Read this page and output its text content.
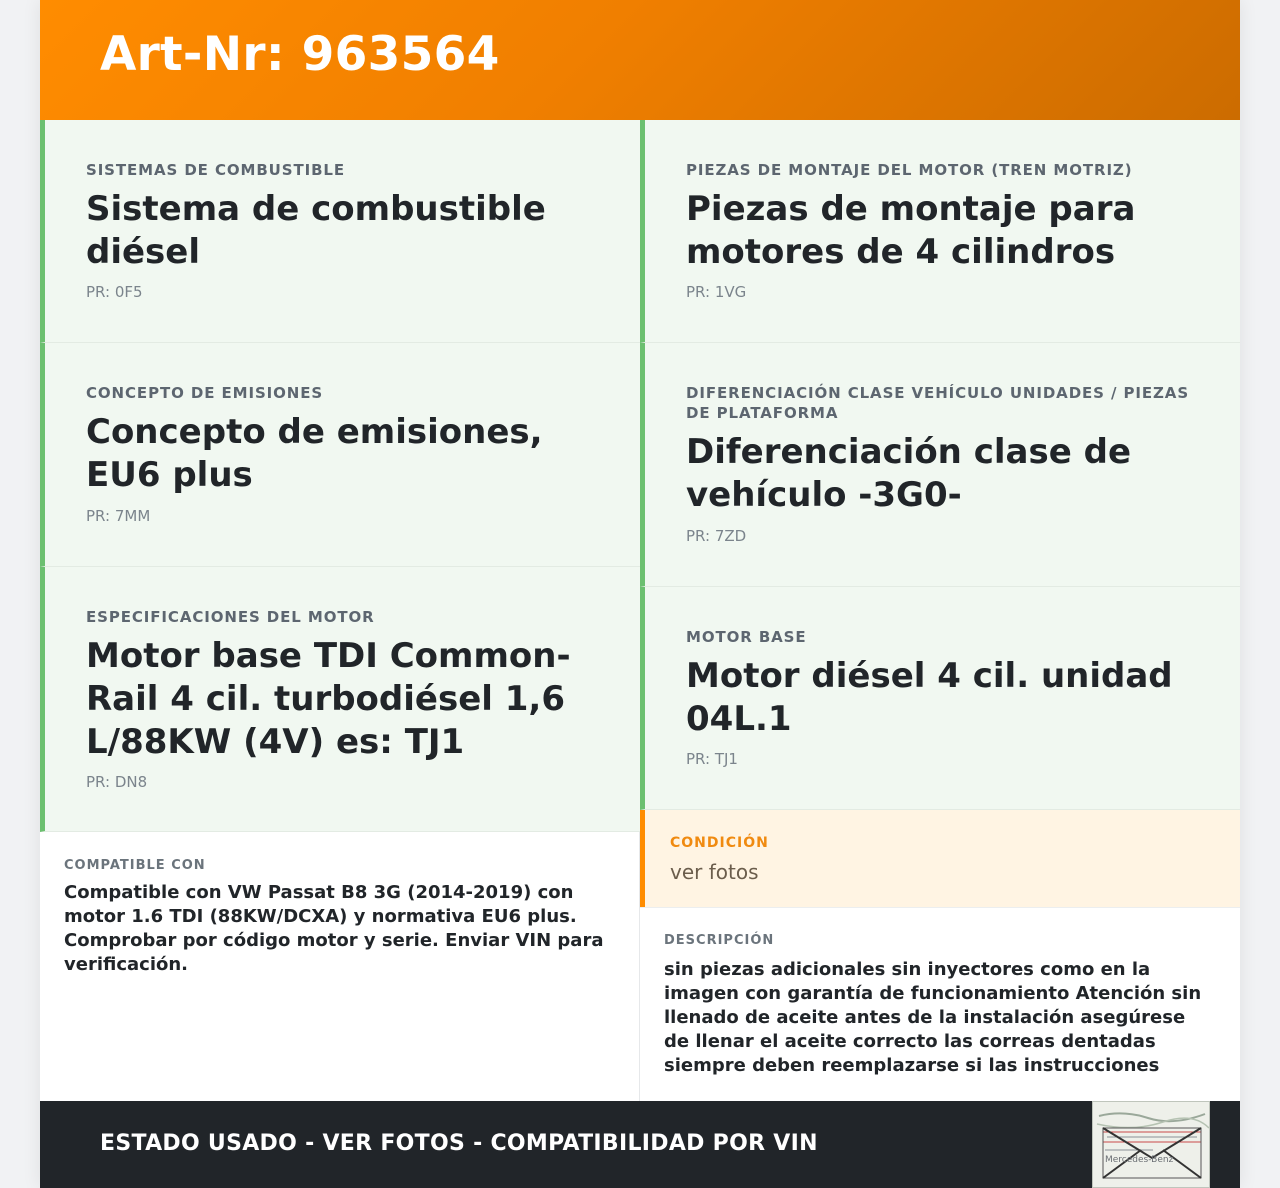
Art-Nr: 963564
SISTEMAS DE COMBUSTIBLE
Sistema de combustible diésel
PR: 0F5
CONCEPTO DE EMISIONES
Concepto de emisiones, EU6 plus
PR: 7MM
ESPECIFICACIONES DEL MOTOR
Motor base TDI Common-Rail 4 cil. turbodiésel 1,6 L/88KW (4V) es: TJ1
PR: DN8
PIEZAS DE MONTAJE DEL MOTOR (TREN MOTRIZ)
Piezas de montaje para motores de 4 cilindros
PR: 1VG
DIFERENCIACIÓN CLASE VEHÍCULO UNIDADES / PIEZAS DE PLATAFORMA
Diferenciación clase de vehículo -3G0-
PR: 7ZD
MOTOR BASE
Motor diésel 4 cil. unidad 04L.1
PR: TJ1
CONDICIÓN
ver fotos
COMPATIBLE CON
Compatible con VW Passat B8 3G (2014-2019) con motor 1.6 TDI (88KW/DCXA) y normativa EU6 plus. Comprobar por código motor y serie. Enviar VIN para verificación.
DESCRIPCIÓN
sin piezas adicionales sin inyectores como en la imagen con garantía de funcionamiento Atención sin llenado de aceite antes de la instalación asegúrese de llenar el aceite correcto las correas dentadas siempre deben reemplazarse si las instrucciones
ESTADO USADO - VER FOTOS - COMPATIBILIDAD POR VIN
Mercedes-Benz
